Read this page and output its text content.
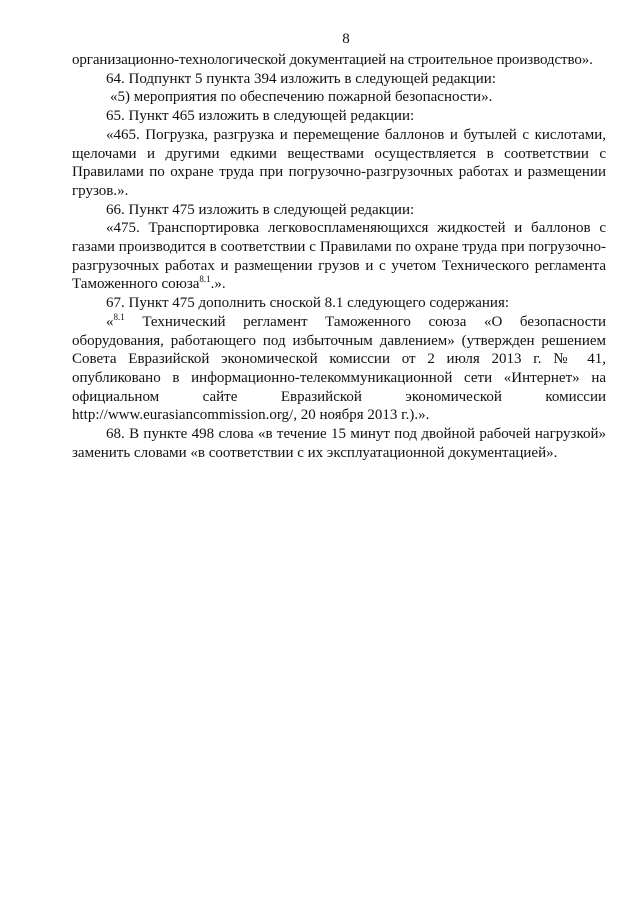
8

организационно-технологической документацией на строительное производство».

64. Подпункт 5 пункта 394 изложить в следующей редакции:

«5) мероприятия по обеспечению пожарной безопасности».

65. Пункт 465 изложить в следующей редакции:

«465. Погрузка, разгрузка и перемещение баллонов и бутылей с кислотами, щелочами и другими едкими веществами осуществляется в соответствии с Правилами по охране труда при погрузочно-разгрузочных работах и размещении грузов.».

66. Пункт 475 изложить в следующей редакции:

«475. Транспортировка легковоспламеняющихся жидкостей и баллонов с газами производится в соответствии с Правилами по охране труда при погрузочно-разгрузочных работах и размещении грузов и с учетом Технического регламента Таможенного союза$^{8.1}$.».

67. Пункт 475 дополнить сноской 8.1 следующего содержания:

«$^{8.1}$ Технический регламент Таможенного союза «О безопасности оборудования, работающего под избыточным давлением» (утвержден решением Совета Евразийской экономической комиссии от 2 июля 2013 г. № 41, опубликовано в информационно-телекоммуникационной сети «Интернет» на официальном сайте Евразийской экономической комиссии http://www.eurasiancommission.org/, 20 ноября 2013 г.).».

68. В пункте 498 слова «в течение 15 минут под двойной рабочей нагрузкой» заменить словами «в соответствии с их эксплуатационной документацией».
